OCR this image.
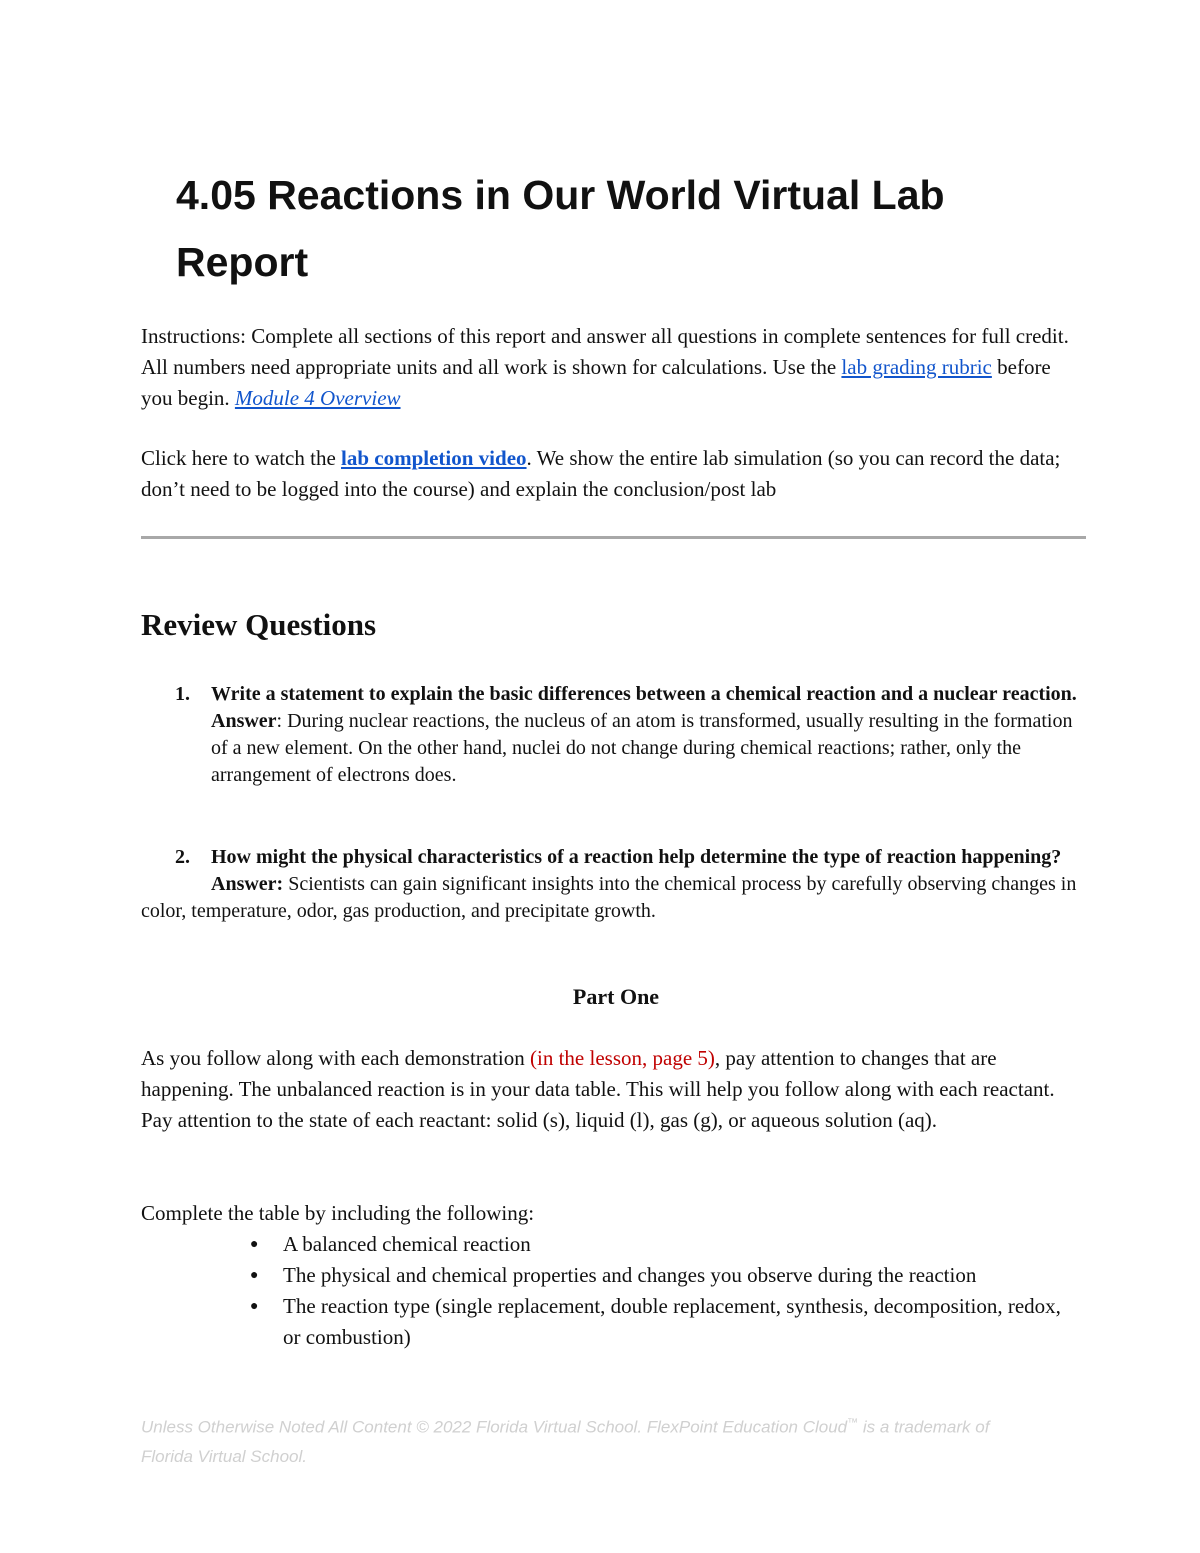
4.05 Reactions in Our World Virtual Lab Report

Instructions: Complete all sections of this report and answer all questions in complete sentences for full credit. All numbers need appropriate units and all work is shown for calculations. Use the lab grading rubric before you begin. Module 4 Overview

Click here to watch the lab completion video. We show the entire lab simulation (so you can record the data; don’t need to be logged into the course) and explain the conclusion/post lab

Review Questions
1. Write a statement to explain the basic differences between a chemical reaction and a nuclear reaction.
Answer: During nuclear reactions, the nucleus of an atom is transformed, usually resulting in the formation of a new element. On the other hand, nuclei do not change during chemical reactions; rather, only the arrangement of electrons does.
2. How might the physical characteristics of a reaction help determine the type of reaction happening?
Answer: Scientists can gain significant insights into the chemical process by carefully observing changes in color, temperature, odor, gas production, and precipitate growth.
Part One

As you follow along with each demonstration (in the lesson, page 5), pay attention to changes that are happening. The unbalanced reaction is in your data table. This will help you follow along with each reactant. Pay attention to the state of each reactant: solid (s), liquid (l), gas (g), or aqueous solution (aq).

Complete the table by including the following:

● A balanced chemical reaction
● The physical and chemical properties and changes you observe during the reaction
● The reaction type (single replacement, double replacement, synthesis, decomposition, redox, or combustion)

Unless Otherwise Noted All Content © 2022 Florida Virtual School. FlexPoint Education Cloud™ is a trademark of Florida Virtual School.
